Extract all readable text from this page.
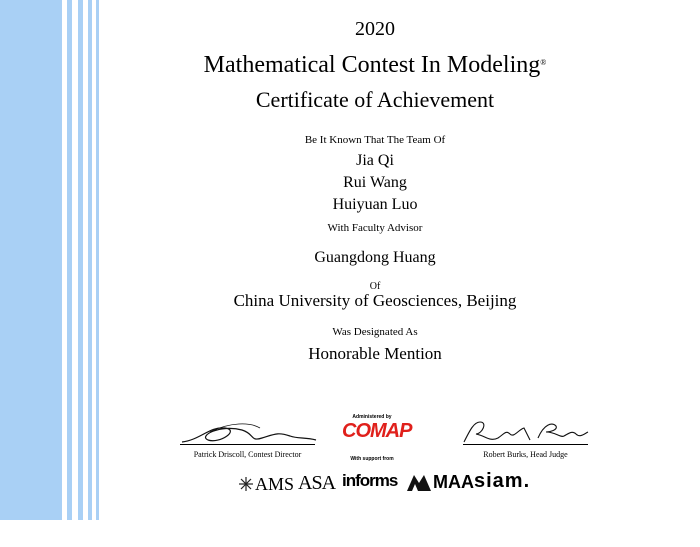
2020
Mathematical Contest In Modeling®
Certificate of Achievement
Be It Known That The Team Of
Jia Qi
Rui Wang
Huiyuan Luo
With Faculty Advisor
Guangdong Huang
Of
China University of Geosciences, Beijing
Was Designated As
Honorable Mention
Patrick Driscoll, Contest Director
Administered by
COMAP
With support from	Robert Burks, Head Judge
AMS ASA informs	MAA siam.
